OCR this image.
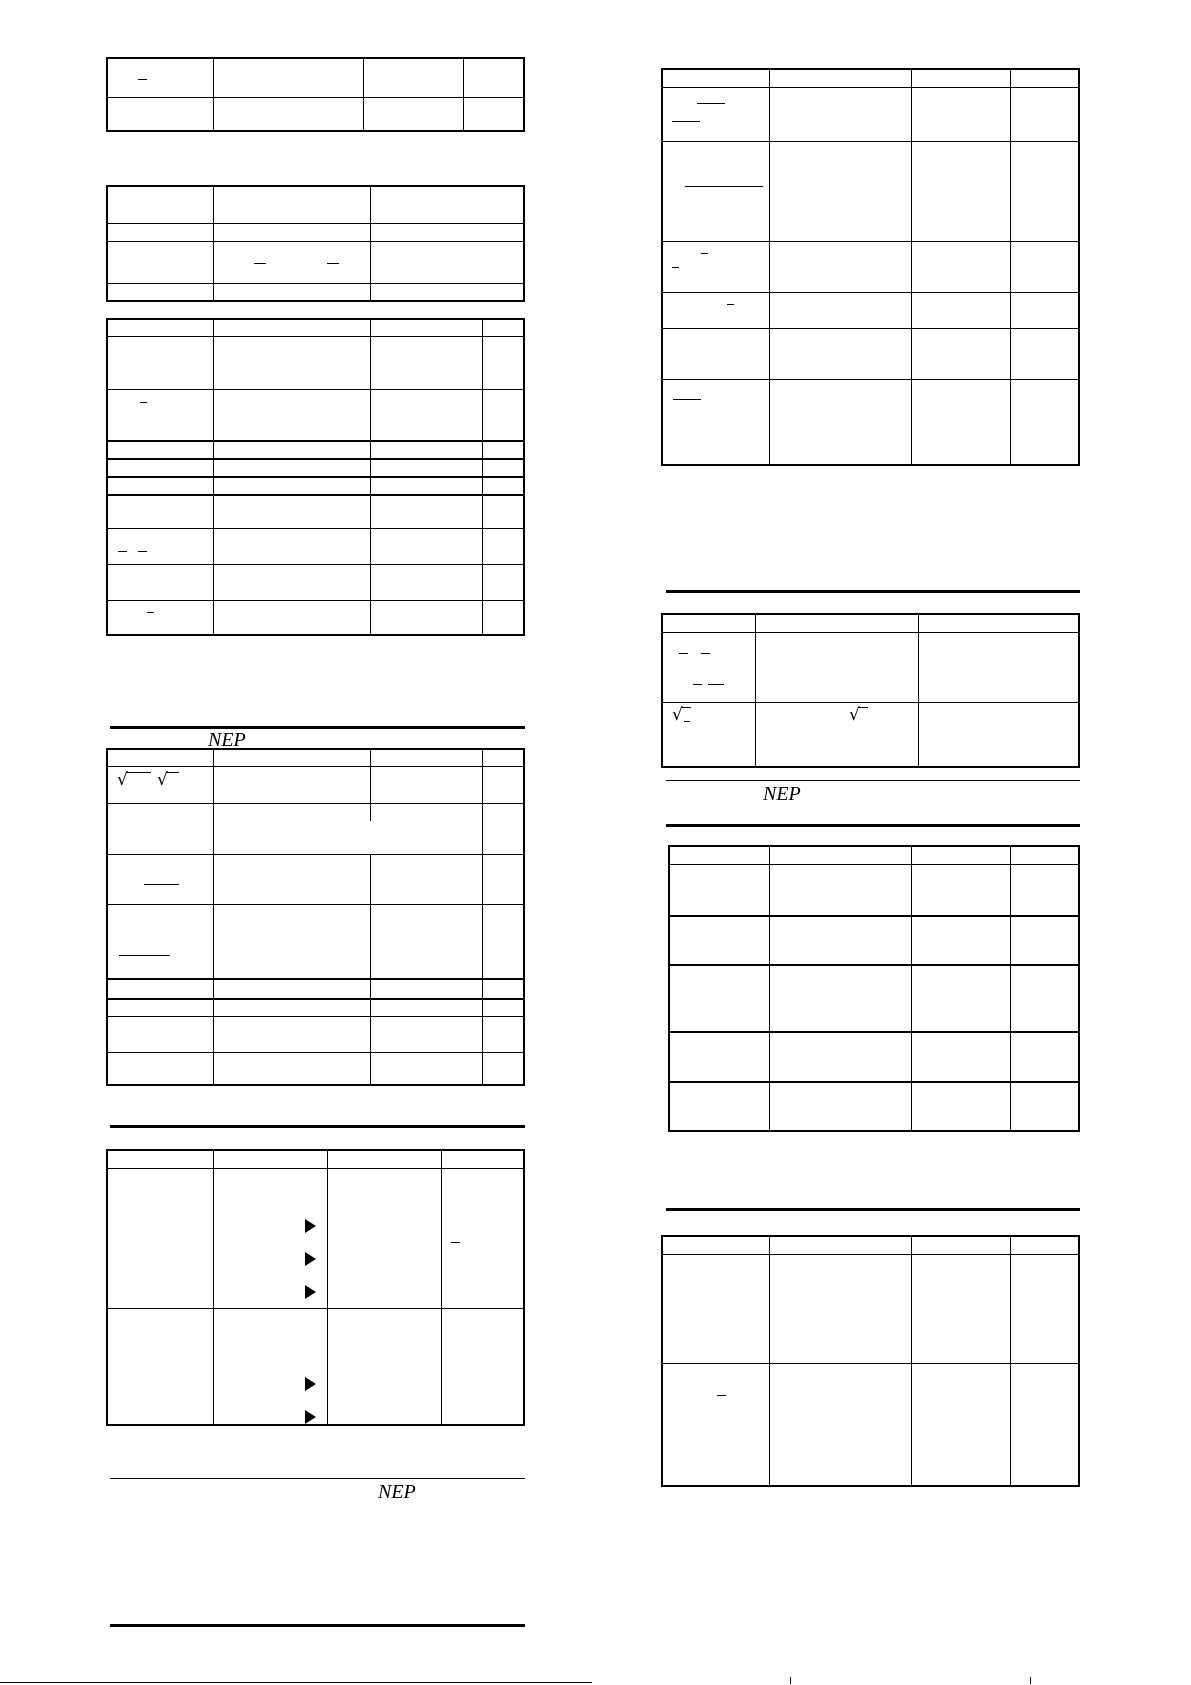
NEP
√ √
NEP
√	√
NEP
